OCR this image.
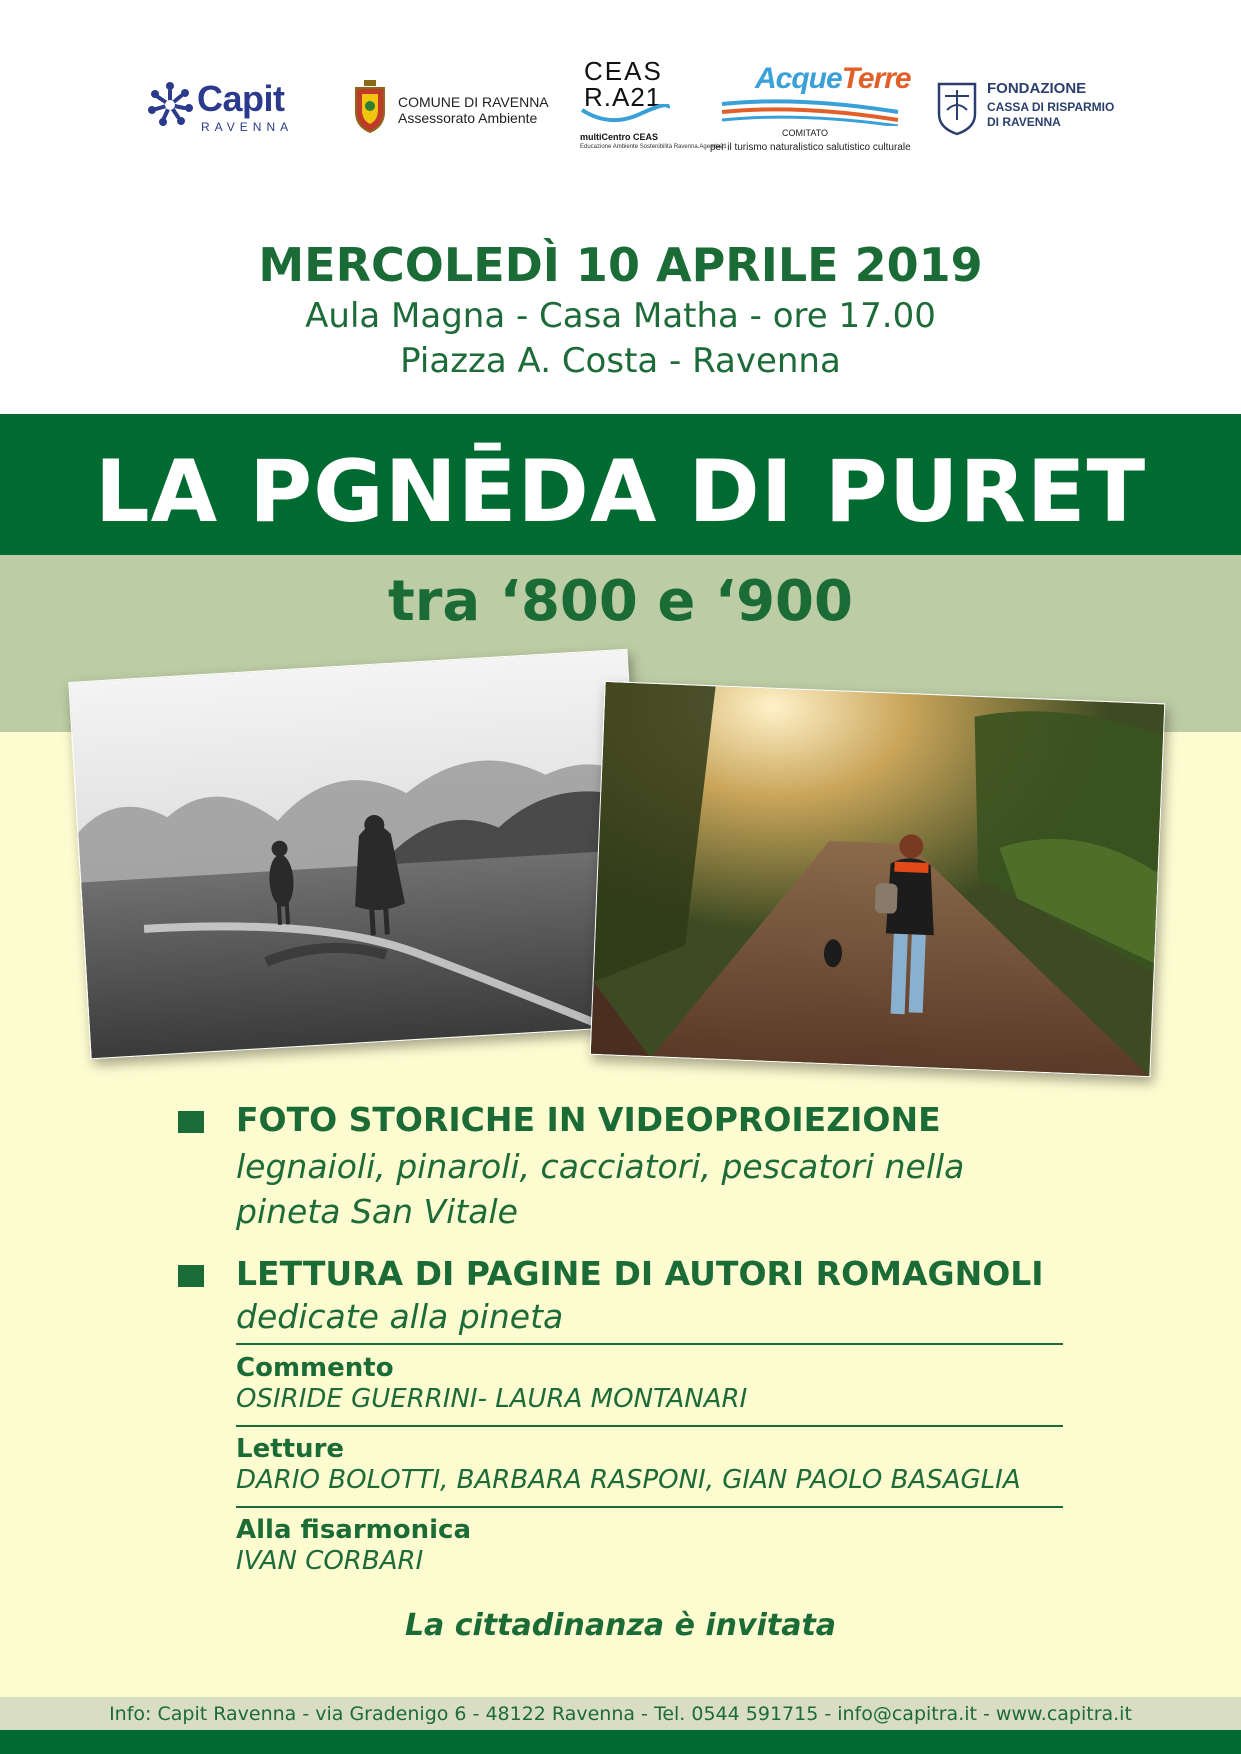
Capit
RAVENNA
COMUNE DI RAVENNA
Assessorato Ambiente
CEAS
R.A21
multiCentro CEAS
Educazione Ambiente Sostenibilità Ravenna.Agenda21
AcqueTerre
COMITATO
per il turismo naturalistico salutistico culturale
FONDAZIONE
CASSA DI RISPARMIO
DI RAVENNA
MERCOLEDÌ 10 APRILE 2019
Aula Magna - Casa Matha - ore 17.00
Piazza A. Costa - Ravenna
LA PGNĒDA DI PURET
tra ‘800 e ‘900
FOTO STORICHE IN VIDEOPROIEZIONE
legnaioli, pinaroli, cacciatori, pescatori nella
pineta San Vitale
LETTURA DI PAGINE DI AUTORI ROMAGNOLI
dedicate alla pineta
Commento
OSIRIDE GUERRINI- LAURA MONTANARI
Letture
DARIO BOLOTTI, BARBARA RASPONI, GIAN PAOLO BASAGLIA
Alla fisarmonica
IVAN CORBARI
La cittadinanza è invitata
Info: Capit Ravenna - via Gradenigo 6 - 48122 Ravenna - Tel. 0544 591715 - info@capitra.it - www.capitra.it
